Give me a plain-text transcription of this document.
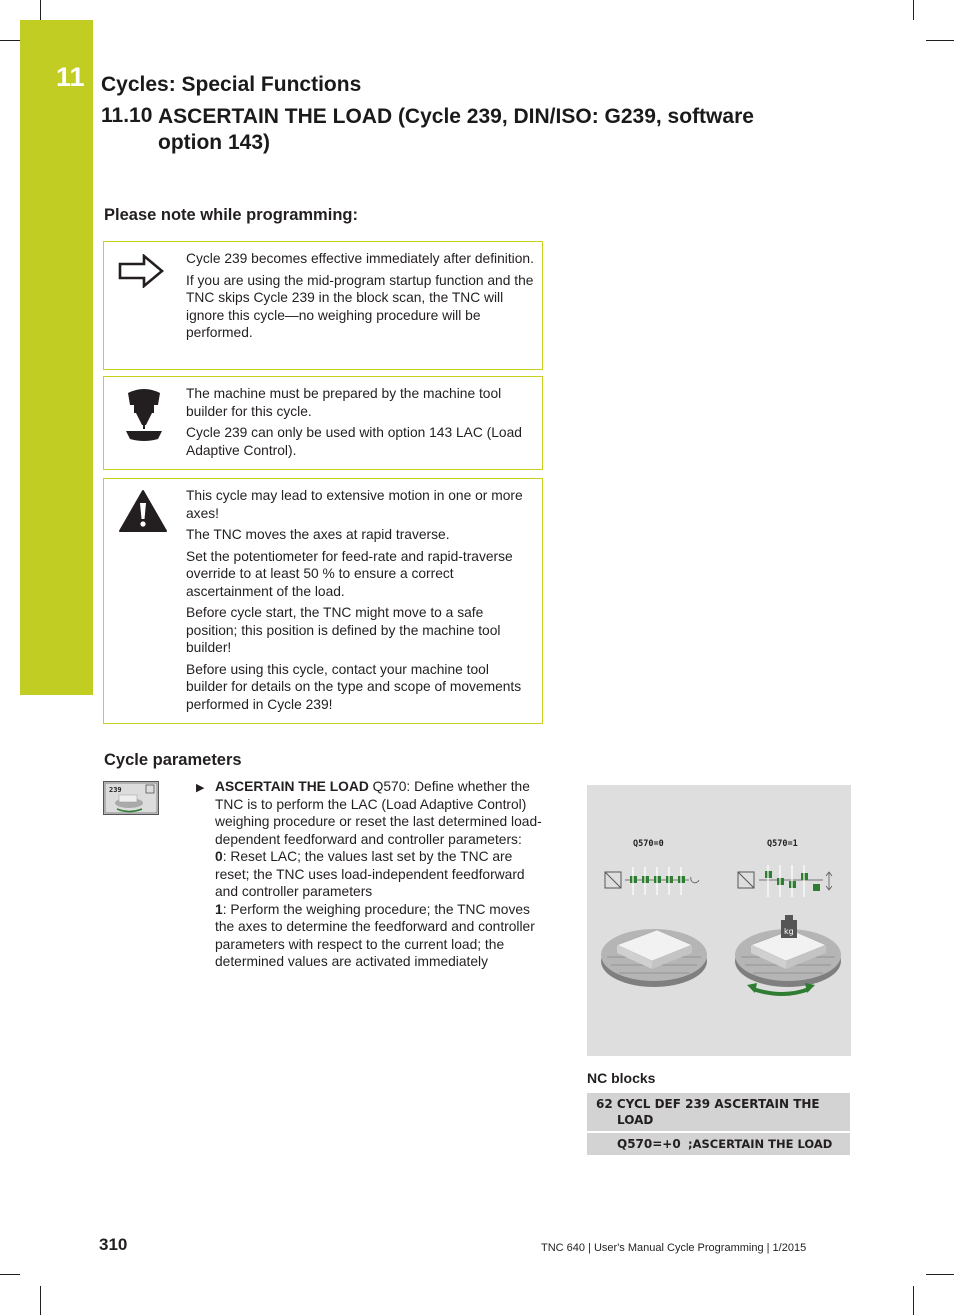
11 Cycles: Special Functions
11.10 ASCERTAIN THE LOAD (Cycle 239, DIN/ISO: G239, software option 143)
Please note while programming:

Cycle 239 becomes effective immediately after definition.

If you are using the mid-program startup function and the TNC skips Cycle 239 in the block scan, the TNC will ignore this cycle—no weighing procedure will be performed.

The machine must be prepared by the machine tool builder for this cycle.

Cycle 239 can only be used with option 143 LAC (Load Adaptive Control).

This cycle may lead to extensive motion in one or more axes!

The TNC moves the axes at rapid traverse.

Set the potentiometer for feed-rate and rapid-traverse override to at least 50 % to ensure a correct ascertainment of the load.

Before cycle start, the TNC might move to a safe position; this position is defined by the machine tool builder!

Before using this cycle, contact your machine tool builder for details on the type and scope of movements performed in Cycle 239!

Cycle parameters
239	▶ ASCERTAIN THE LOAD Q570: Define whether the TNC is to perform the LAC (Load Adaptive Control) weighing procedure or reset the last determined load-dependent feedforward and controller parameters:
0: Reset LAC; the values last set by the TNC are reset; the TNC uses load-independent feedforward and controller parameters
1: Perform the weighing procedure; the TNC moves the axes to determine the feedforward and controller parameters with respect to the current load; the determined values are activated immediately
Q570=0	Q570=1
kg
NC blocks
62 CYCL DEF 239 ASCERTAIN THE
LOAD
Q570=+0 ;ASCERTAIN THE LOAD
310	TNC 640 | User's Manual Cycle Programming | 1/2015
